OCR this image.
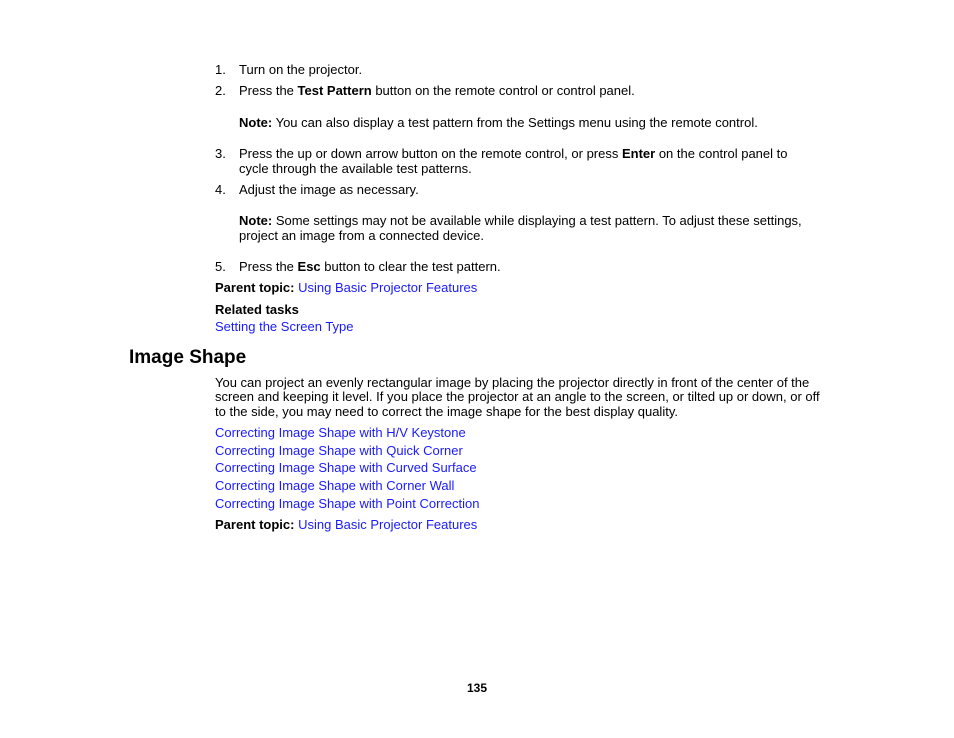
1. Turn on the projector.
2. Press the Test Pattern button on the remote control or control panel.
Note: You can also display a test pattern from the Settings menu using the remote control.
3. Press the up or down arrow button on the remote control, or press Enter on the control panel to
cycle through the available test patterns.
4. Adjust the image as necessary.
Note: Some settings may not be available while displaying a test pattern. To adjust these settings,
project an image from a connected device.
5. Press the Esc button to clear the test pattern.
Parent topic: Using Basic Projector Features
Related tasks
Setting the Screen Type
Image Shape
You can project an evenly rectangular image by placing the projector directly in front of the center of the
screen and keeping it level. If you place the projector at an angle to the screen, or tilted up or down, or off
to the side, you may need to correct the image shape for the best display quality.
Correcting Image Shape with H/V Keystone
Correcting Image Shape with Quick Corner
Correcting Image Shape with Curved Surface
Correcting Image Shape with Corner Wall
Correcting Image Shape with Point Correction
Parent topic: Using Basic Projector Features
135
